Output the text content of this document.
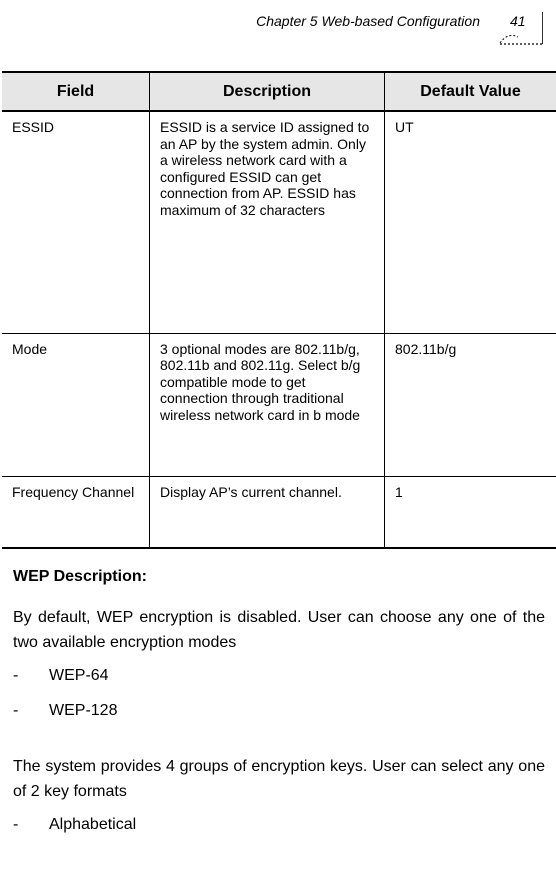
Chapter 5 Web-based Configuration 41
Field	Description	Default Value
ESSID	ESSID is a service ID assigned to an AP by the system admin. Only a wireless network card with a configured ESSID can get connection from AP. ESSID has maximum of 32 characters	UT
Mode	3 optional modes are 802.11b/g, 802.11b and 802.11g. Select b/g compatible mode to get connection through traditional wireless network card in b mode	802.11b/g
Frequency Channel	Display AP’s current channel.	1
WEP Description:

By default, WEP encryption is disabled. User can choose any one of the two available encryption modes

- WEP-64
- WEP-128

The system provides 4 groups of encryption keys. User can select any one of 2 key formats

- Alphabetical
